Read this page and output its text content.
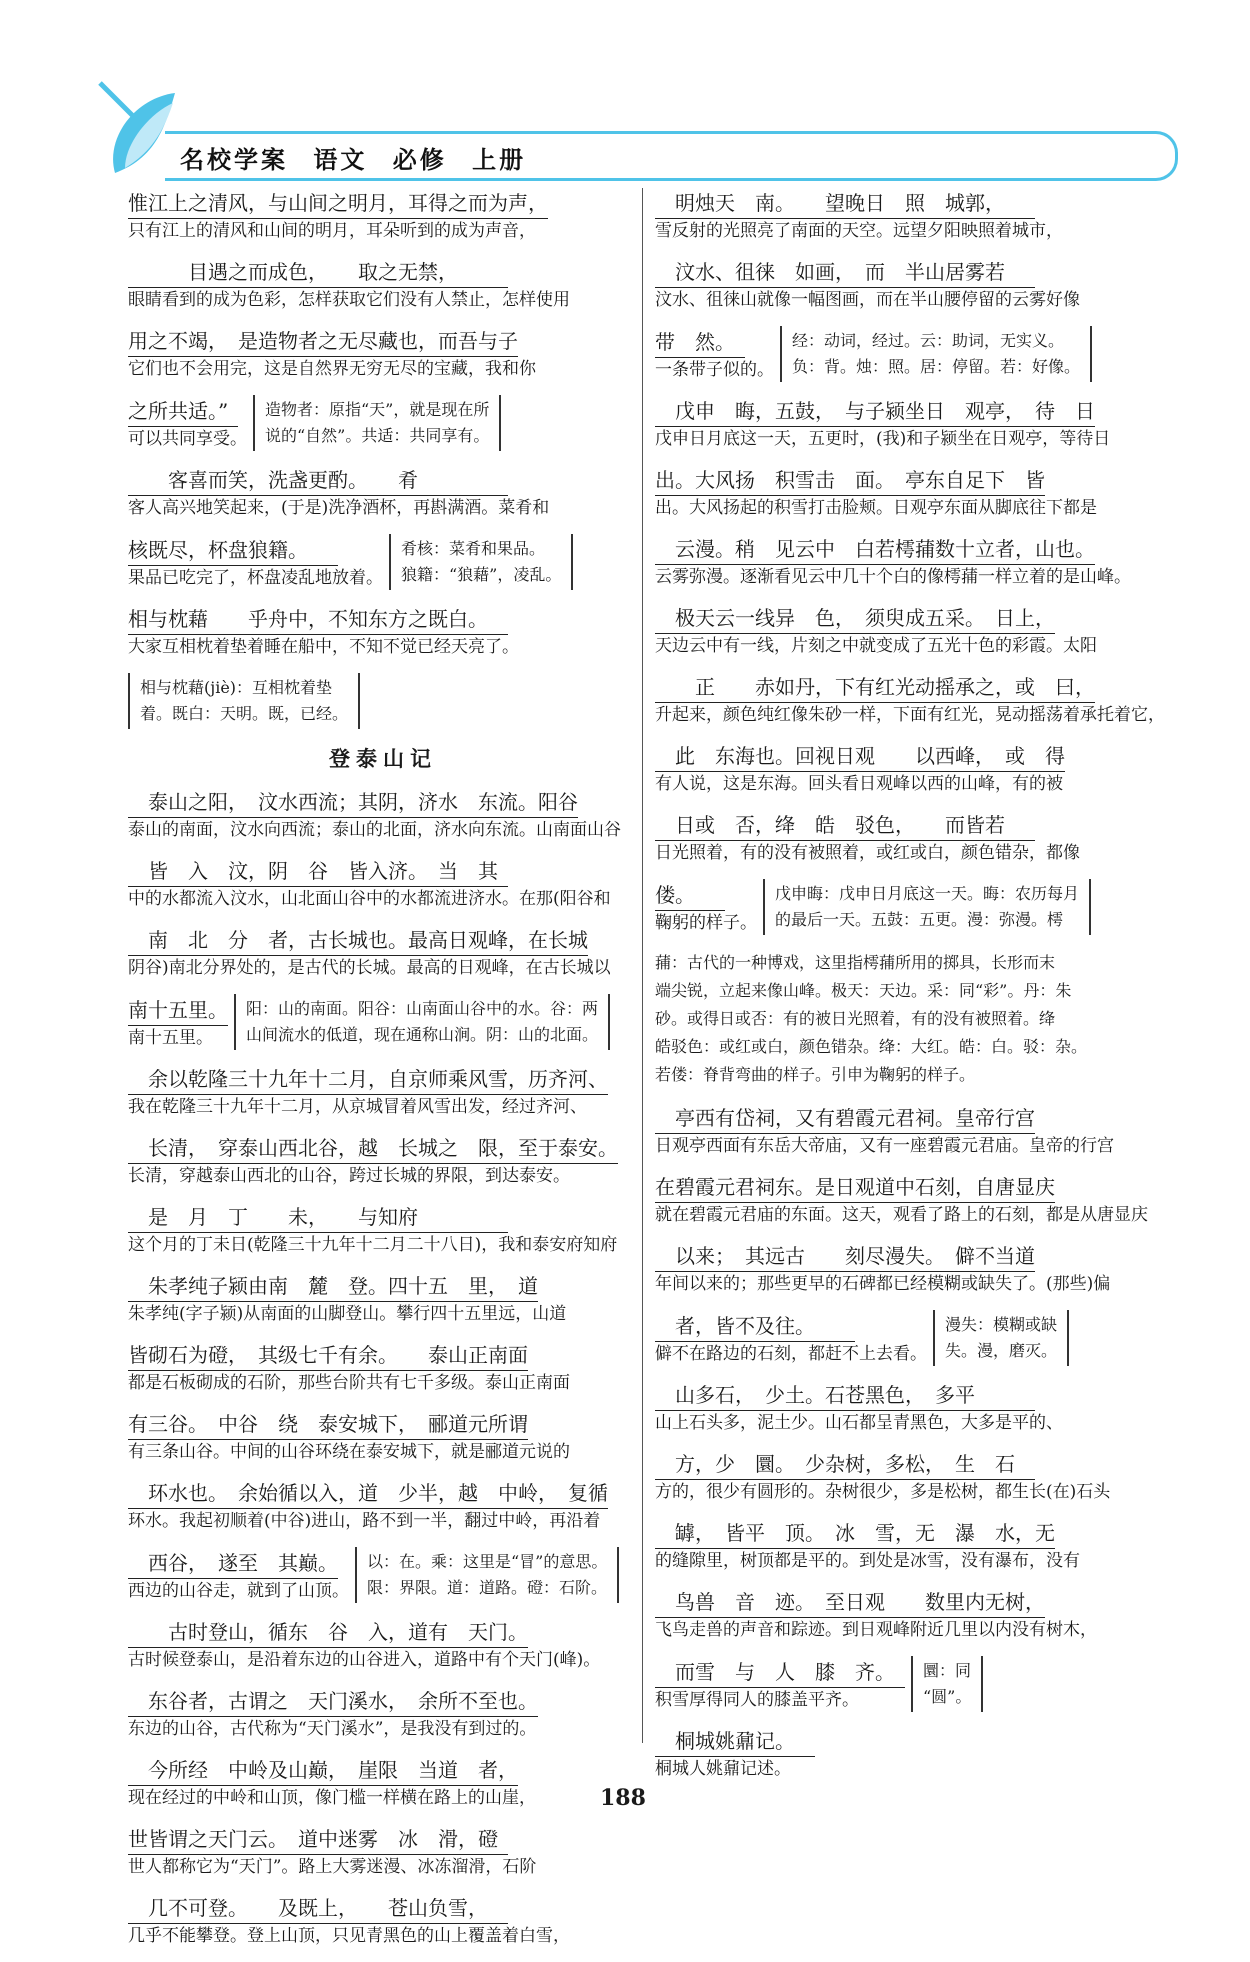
名校学案 语文 必修 上册
惟江上之清风，与山间之明月，耳得之而为声，
只有江上的清风和山间的明月，耳朵听到的成为声音，
　　　目遇之而成色，　　取之无禁，
眼睛看到的成为色彩，怎样获取它们没有人禁止，怎样使用
用之不竭，　是造物者之无尽藏也，而吾与子
它们也不会用完，这是自然界无穷无尽的宝藏，我和你
之所共适。”
可以共同享受。
造物者：原指“天”，就是现在所
说的“自然”。共适：共同享有。
　　客喜而笑，洗盏更酌。　　肴
客人高兴地笑起来，(于是)洗净酒杯，再斟满酒。菜肴和
核既尽，杯盘狼籍。
果品已吃完了，杯盘凌乱地放着。
肴核：菜肴和果品。
狼籍：“狼藉”，凌乱。
相与枕藉　　乎舟中，不知东方之既白。
大家互相枕着垫着睡在船中，不知不觉已经天亮了。
相与枕藉(jiè)：互相枕着垫
着。既白：天明。既，已经。
登泰山记
　泰山之阳，　汶水西流；其阴，济水　东流。阳谷
泰山的南面，汶水向西流；泰山的北面，济水向东流。山南面山谷
　皆　入　汶，阴　谷　皆入济。　当　其
中的水都流入汶水，山北面山谷中的水都流进济水。在那(阳谷和
　南　北　分　者，古长城也。最高日观峰，在长城
阴谷)南北分界处的，是古代的长城。最高的日观峰，在古长城以
南十五里。
南十五里。
阳：山的南面。阳谷：山南面山谷中的水。谷：两
山间流水的低道，现在通称山涧。阴：山的北面。
　余以乾隆三十九年十二月，自京师乘风雪，历齐河、
我在乾隆三十九年十二月，从京城冒着风雪出发，经过齐河、
　长清，　穿泰山西北谷，越　长城之　限，至于泰安。
长清，穿越泰山西北的山谷，跨过长城的界限，到达泰安。
　是　月　丁　　未，　　与知府
这个月的丁未日(乾隆三十九年十二月二十八日)，我和泰安府知府
　朱孝纯子颍由南　麓　登。四十五　里，　道
朱孝纯(字子颍)从南面的山脚登山。攀行四十五里远，山道
皆砌石为磴，　其级七千有余。　　泰山正南面
都是石板砌成的石阶，那些台阶共有七千多级。泰山正南面
有三谷。　中谷　绕　泰安城下，　郦道元所谓
有三条山谷。中间的山谷环绕在泰安城下，就是郦道元说的
　环水也。　余始循以入，道　少半，越　中岭，　复循
环水。我起初顺着(中谷)进山，路不到一半，翻过中岭，再沿着
　西谷，　遂至　其巅。
西边的山谷走，就到了山顶。
以：在。乘：这里是“冒”的意思。
限：界限。道：道路。磴：石阶。
　　古时登山，循东　谷　入，道有　天门。
古时候登泰山，是沿着东边的山谷进入，道路中有个天门(峰)。
　东谷者，古谓之　天门溪水，　余所不至也。
东边的山谷，古代称为“天门溪水”，是我没有到过的。
　今所经　中岭及山巅，　崖限　当道　者，
现在经过的中岭和山顶，像门槛一样横在路上的山崖，
世皆谓之天门云。　道中迷雾　冰　滑，磴
世人都称它为“天门”。路上大雾迷漫、冰冻溜滑，石阶
　几不可登。　　及既上，　　苍山负雪，
几乎不能攀登。登上山顶，只见青黑色的山上覆盖着白雪，
　明烛天　南。　　望晚日　照　城郭，
雪反射的光照亮了南面的天空。远望夕阳映照着城市，
　汶水、徂徕　如画，　而　半山居雾若
汶水、徂徕山就像一幅图画，而在半山腰停留的云雾好像
带　然。
一条带子似的。
经：动词，经过。云：助词，无实义。
负：背。烛：照。居：停留。若：好像。
　戊申　晦，五鼓，　与子颍坐日　观亭，　待　日
戊申日月底这一天，五更时，(我)和子颍坐在日观亭，等待日
出。大风扬　积雪击　面。　亭东自足下　皆
出。大风扬起的积雪打击脸颊。日观亭东面从脚底往下都是
　云漫。稍　见云中　白若樗蒱数十立者，山也。
云雾弥漫。逐渐看见云中几十个白的像樗蒱一样立着的是山峰。
　极天云一线异　色，　须臾成五采。　日上，
天边云中有一线，片刻之中就变成了五光十色的彩霞。太阳
　　正　　赤如丹，下有红光动摇承之，或　曰，
升起来，颜色纯红像朱砂一样，下面有红光，晃动摇荡着承托着它，
　此　东海也。回视日观　　以西峰，　或　得
有人说，这是东海。回头看日观峰以西的山峰，有的被
　日或　否，绛　皓　驳色，　　而皆若
日光照着，有的没有被照着，或红或白，颜色错杂，都像
偻。
鞠躬的样子。
戊申晦：戊申日月底这一天。晦：农历每月
的最后一天。五鼓：五更。漫：弥漫。樗
蒱：古代的一种博戏，这里指樗蒱所用的掷具，长形而末
端尖锐，立起来像山峰。极天：天边。采：同“彩”。丹：朱
砂。或得日或否：有的被日光照着，有的没有被照着。绛
皓驳色：或红或白，颜色错杂。绛：大红。皓：白。驳：杂。
若偻：脊背弯曲的样子。引申为鞠躬的样子。
　亭西有岱祠，又有碧霞元君祠。皇帝行宫
日观亭西面有东岳大帝庙，又有一座碧霞元君庙。皇帝的行宫
在碧霞元君祠东。是日观道中石刻，自唐显庆
就在碧霞元君庙的东面。这天，观看了路上的石刻，都是从唐显庆
　以来；　其远古　　刻尽漫失。　僻不当道
年间以来的；那些更早的石碑都已经模糊或缺失了。(那些)偏
　者，皆不及往。
僻不在路边的石刻，都赶不上去看。
漫失：模糊或缺
失。漫，磨灭。
　山多石，　少土。石苍黑色，　多平
山上石头多，泥土少。山石都呈青黑色，大多是平的、
　方，少　圜。　少杂树，多松，　生　石
方的，很少有圆形的。杂树很少，多是松树，都生长(在)石头
　罅，　皆平　顶。　冰　雪，无　瀑　水，无
的缝隙里，树顶都是平的。到处是冰雪，没有瀑布，没有
　鸟兽　音　迹。　至日观　　数里内无树，
飞鸟走兽的声音和踪迹。到日观峰附近几里以内没有树木，
　而雪　与　人　膝　齐。
积雪厚得同人的膝盖平齐。
圜：同
“圆”。
　桐城姚鼐记。
桐城人姚鼐记述。
188
